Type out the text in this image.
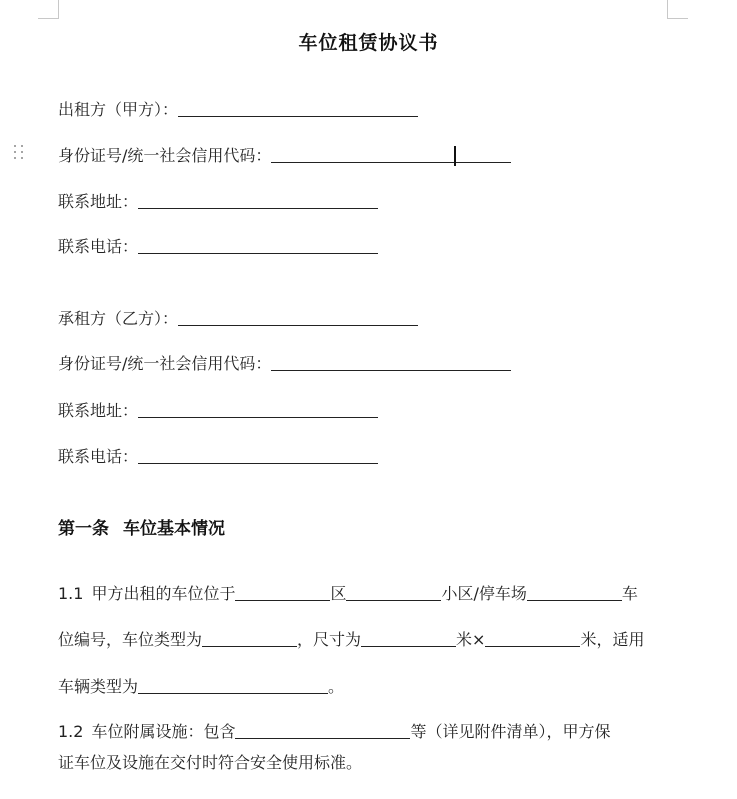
车位租赁协议书
出租方（甲方）：
身份证号/统一社会信用代码：
联系地址：
联系电话：
承租方（乙方）：
身份证号/统一社会信用代码：
联系地址：
联系电话：
第一条 车位基本情况
1.1 甲方出租的车位位于	区	小区/停车场	车
位编号，车位类型为	，尺寸为	米×	米，适用
车辆类型为	。
1.2 车位附属设施：包含	等（详见附件清单），甲方保
证车位及设施在交付时符合安全使用标准。
